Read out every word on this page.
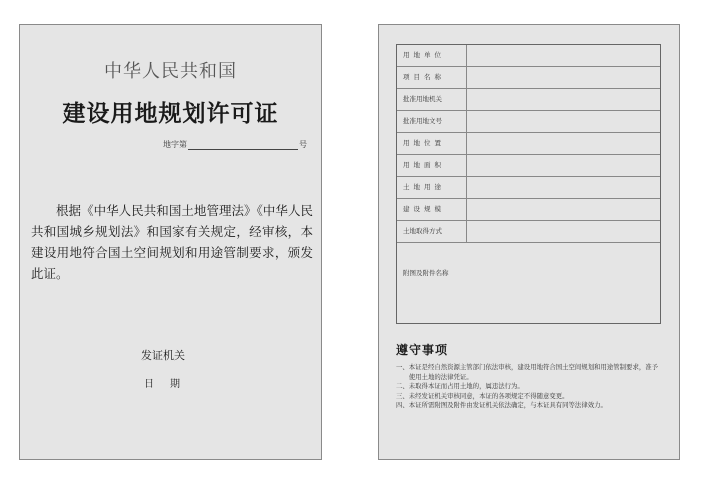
中华人民共和国
建设用地规划许可证
地字第	号
根据《中华人民共和国土地管理法》《中华人民共和国城乡规划法》和国家有关规定，经审核，本建设用地符合国土空间规划和用途管制要求，颁发此证。
发证机关
日期
用地单位
项目名称
批准用地机关
批准用地文号
用地位置
用地面积
土地用途
建设规模
土地取得方式
附图及附件名称
遵守事项
一、 本证是经自然资源主管部门依法审核，建设用地符合国土空间规划和用途管制要求，准予使用土地的法律凭证。
二、 未取得本证而占用土地的，属违法行为。
三、 未经发证机关审核同意，本证的各项规定不得随意变更。
四、 本证所需附图及附件由发证机关依法确定，与本证具有同等法律效力。
